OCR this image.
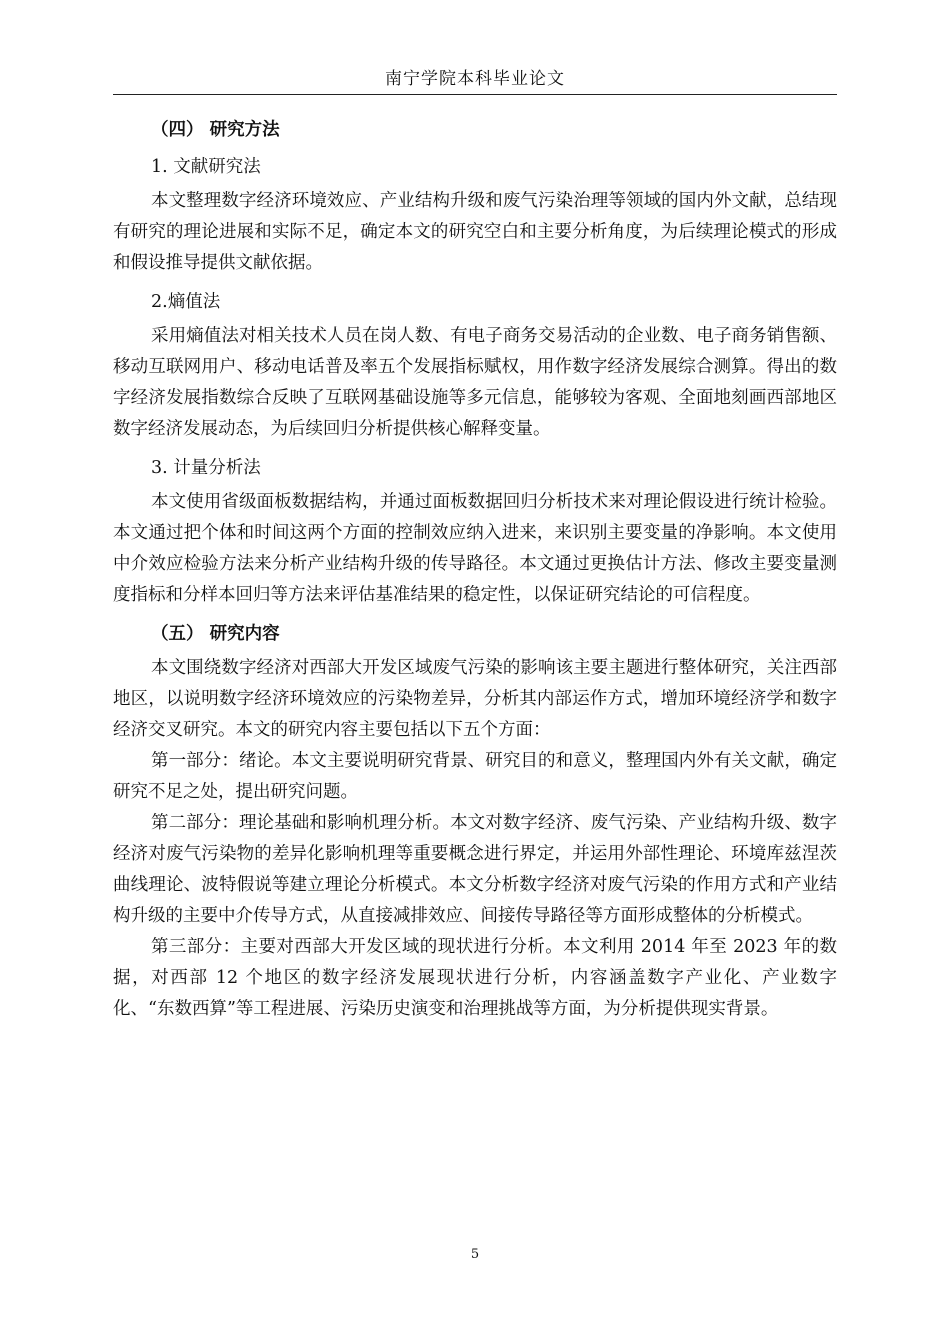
南宁学院本科毕业论文

（四） 研究方法

1. 文献研究法

本文整理数字经济环境效应、产业结构升级和废气污染治理等领域的国内外文献，总结现有研究的理论进展和实际不足，确定本文的研究空白和主要分析角度，为后续理论模式的形成和假设推导提供文献依据。

2.熵值法

采用熵值法对相关技术人员在岗人数、有电子商务交易活动的企业数、电子商务销售额、移动互联网用户、移动电话普及率五个发展指标赋权，用作数字经济发展综合测算。得出的数字经济发展指数综合反映了互联网基础设施等多元信息，能够较为客观、全面地刻画西部地区数字经济发展动态，为后续回归分析提供核心解释变量。

3. 计量分析法

本文使用省级面板数据结构，并通过面板数据回归分析技术来对理论假设进行统计检验。本文通过把个体和时间这两个方面的控制效应纳入进来，来识别主要变量的净影响。本文使用中介效应检验方法来分析产业结构升级的传导路径。本文通过更换估计方法、修改主要变量测度指标和分样本回归等方法来评估基准结果的稳定性，以保证研究结论的可信程度。

（五） 研究内容

本文围绕数字经济对西部大开发区域废气污染的影响该主要主题进行整体研究，关注西部地区，以说明数字经济环境效应的污染物差异，分析其内部运作方式，增加环境经济学和数字经济交叉研究。本文的研究内容主要包括以下五个方面：

第一部分：绪论。本文主要说明研究背景、研究目的和意义，整理国内外有关文献，确定研究不足之处，提出研究问题。

第二部分：理论基础和影响机理分析。本文对数字经济、废气污染、产业结构升级、数字经济对废气污染物的差异化影响机理等重要概念进行界定，并运用外部性理论、环境库兹涅茨曲线理论、波特假说等建立理论分析模式。本文分析数字经济对废气污染的作用方式和产业结构升级的主要中介传导方式，从直接减排效应、间接传导路径等方面形成整体的分析模式。

第三部分：主要对西部大开发区域的现状进行分析。本文利用 2014 年至 2023 年的数据，对西部 12 个地区的数字经济发展现状进行分析，内容涵盖数字产业化、产业数字化、“东数西算”等工程进展、污染历史演变和治理挑战等方面，为分析提供现实背景。

5
